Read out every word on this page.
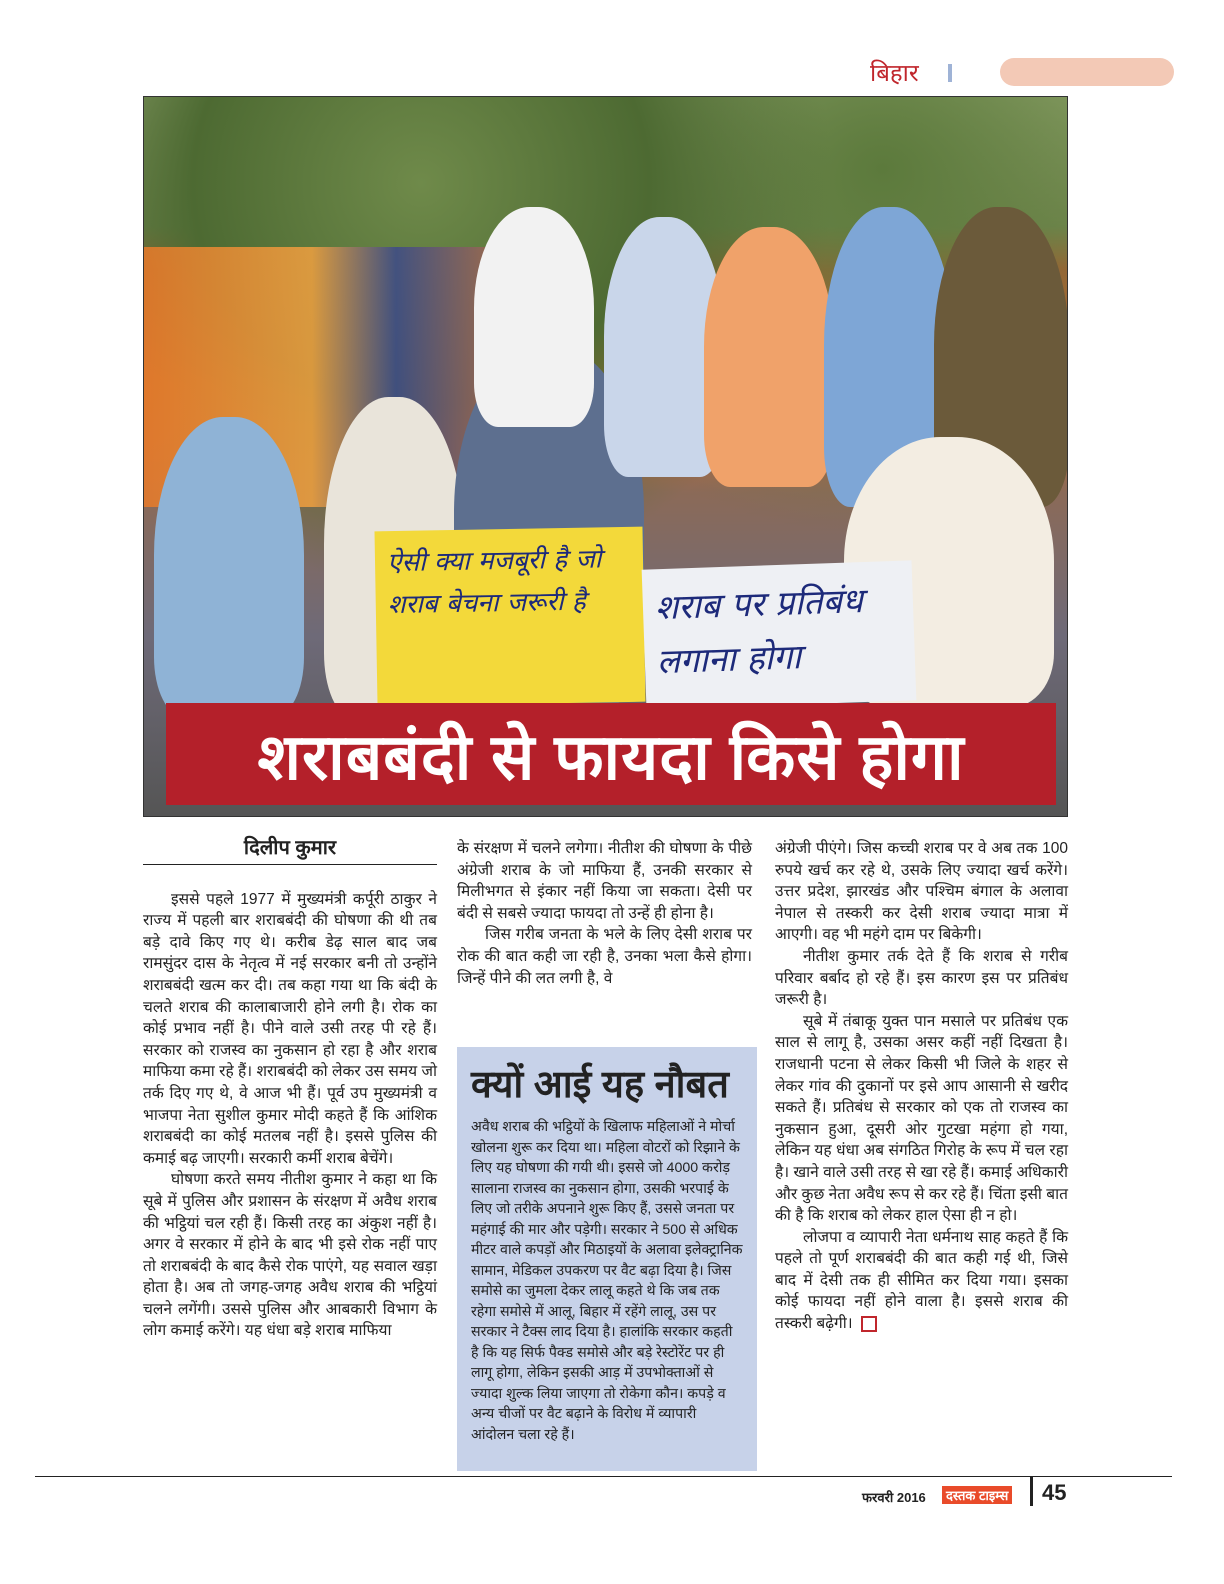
बिहार
ऐसी क्या मजबूरी है जो शराब बेचना जरूरी है	शराब पर प्रतिबंध लगाना होगा
शराबबंदी से फायदा किसे होगा
दिलीप कुमार

इससे पहले 1977 में मुख्यमंत्री कर्पूरी ठाकुर ने राज्य में पहली बार शराबबंदी की घोषणा की थी तब बड़े दावे किए गए थे। करीब डेढ़ साल बाद जब रामसुंदर दास के नेतृत्व में नई सरकार बनी तो उन्होंने शराबबंदी खत्म कर दी। तब कहा गया था कि बंदी के चलते शराब की कालाबाजारी होने लगी है। रोक का कोई प्रभाव नहीं है। पीने वाले उसी तरह पी रहे हैं। सरकार को राजस्व का नुकसान हो रहा है और शराब माफिया कमा रहे हैं। शराबबंदी को लेकर उस समय जो तर्क दिए गए थे, वे आज भी हैं। पूर्व उप मुख्यमंत्री व भाजपा नेता सुशील कुमार मोदी कहते हैं कि आंशिक शराबबंदी का कोई मतलब नहीं है। इससे पुलिस की कमाई बढ़ जाएगी। सरकारी कर्मी शराब बेचेंगे।

घोषणा करते समय नीतीश कुमार ने कहा था कि सूबे में पुलिस और प्रशासन के संरक्षण में अवैध शराब की भट्ठियां चल रही हैं। किसी तरह का अंकुश नहीं है। अगर वे सरकार में होने के बाद भी इसे रोक नहीं पाए तो शराबबंदी के बाद कैसे रोक पाएंगे, यह सवाल खड़ा होता है। अब तो जगह-जगह अवैध शराब की भट्ठियां चलने लगेंगी। उससे पुलिस और आबकारी विभाग के लोग कमाई करेंगे। यह धंधा बड़े शराब माफिया

के संरक्षण में चलने लगेगा। नीतीश की घोषणा के पीछे अंग्रेजी शराब के जो माफिया हैं, उनकी सरकार से मिलीभगत से इंकार नहीं किया जा सकता। देसी पर बंदी से सबसे ज्यादा फायदा तो उन्हें ही होना है।

जिस गरीब जनता के भले के लिए देसी शराब पर रोक की बात कही जा रही है, उनका भला कैसे होगा। जिन्हें पीने की लत लगी है, वे

क्यों आई यह नौबत
अवैध शराब की भट्ठियों के खिलाफ महिलाओं ने मोर्चा खोलना शुरू कर दिया था। महिला वोटरों को रिझाने के लिए यह घोषणा की गयी थी। इससे जो 4000 करोड़ सालाना राजस्व का नुकसान होगा, उसकी भरपाई के लिए जो तरीके अपनाने शुरू किए हैं, उससे जनता पर महंगाई की मार और पड़ेगी। सरकार ने 500 से अधिक मीटर वाले कपड़ों और मिठाइयों के अलावा इलेक्ट्रानिक सामान, मेडिकल उपकरण पर वैट बढ़ा दिया है। जिस समोसे का जुमला देकर लालू कहते थे कि जब तक रहेगा समोसे में आलू, बिहार में रहेंगे लालू, उस पर सरकार ने टैक्स लाद दिया है। हालांकि सरकार कहती है कि यह सिर्फ पैक्ड समोसे और बड़े रेस्टोरेंट पर ही लागू होगा, लेकिन इसकी आड़ में उपभोक्ताओं से ज्यादा शुल्क लिया जाएगा तो रोकेगा कौन। कपड़े व अन्य चीजों पर वैट बढ़ाने के विरोध में व्यापारी आंदोलन चला रहे हैं।

अंग्रेजी पीएंगे। जिस कच्ची शराब पर वे अब तक 100 रुपये खर्च कर रहे थे, उसके लिए ज्यादा खर्च करेंगे। उत्तर प्रदेश, झारखंड और पश्चिम बंगाल के अलावा नेपाल से तस्करी कर देसी शराब ज्यादा मात्रा में आएगी। वह भी महंगे दाम पर बिकेगी।

नीतीश कुमार तर्क देते हैं कि शराब से गरीब परिवार बर्बाद हो रहे हैं। इस कारण इस पर प्रतिबंध जरूरी है।

सूबे में तंबाकू युक्त पान मसाले पर प्रतिबंध एक साल से लागू है, उसका असर कहीं नहीं दिखता है। राजधानी पटना से लेकर किसी भी जिले के शहर से लेकर गांव की दुकानों पर इसे आप आसानी से खरीद सकते हैं। प्रतिबंध से सरकार को एक तो राजस्व का नुकसान हुआ, दूसरी ओर गुटखा महंगा हो गया, लेकिन यह धंधा अब संगठित गिरोह के रूप में चल रहा है। खाने वाले उसी तरह से खा रहे हैं। कमाई अधिकारी और कुछ नेता अवैध रूप से कर रहे हैं। चिंता इसी बात की है कि शराब को लेकर हाल ऐसा ही न हो।

लोजपा व व्यापारी नेता धर्मनाथ साह कहते हैं कि पहले तो पूर्ण शराबबंदी की बात कही गई थी, जिसे बाद में देसी तक ही सीमित कर दिया गया। इसका कोई फायदा नहीं होने वाला है। इससे शराब की तस्करी बढ़ेगी।

फरवरी 2016	दस्तक टाइम्स 45
